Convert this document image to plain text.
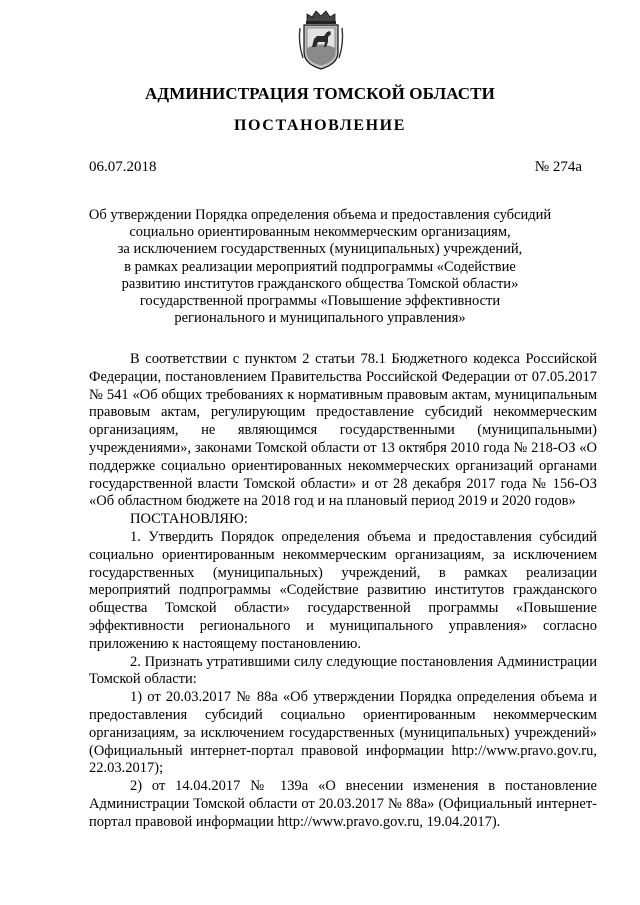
АДМИНИСТРАЦИЯ ТОМСКОЙ ОБЛАСТИ
ПОСТАНОВЛЕНИЕ
06.07.2018	№ 274а
Об утверждении Порядка определения объема и предоставления субсидий
социально ориентированным некоммерческим организациям,
за исключением государственных (муниципальных) учреждений,
в рамках реализации мероприятий подпрограммы «Содействие
развитию институтов гражданского общества Томской области»
государственной программы «Повышение эффективности
регионального и муниципального управления»

В соответствии с пунктом 2 статьи 78.1 Бюджетного кодекса Российской Федерации, постановлением Правительства Российской Федерации от 07.05.2017 № 541 «Об общих требованиях к нормативным правовым актам, муниципальным правовым актам, регулирующим предоставление субсидий некоммерческим организациям, не являющимся государственными (муниципальными) учреждениями», законами Томской области от 13 октября 2010 года № 218-ОЗ «О поддержке социально ориентированных некоммерческих организаций органами государственной власти Томской области» и от 28 декабря 2017 года № 156-ОЗ «Об областном бюджете на 2018 год и на плановый период 2019 и 2020 годов»

ПОСТАНОВЛЯЮ:

1. Утвердить Порядок определения объема и предоставления субсидий социально ориентированным некоммерческим организациям, за исключением государственных (муниципальных) учреждений, в рамках реализации мероприятий подпрограммы «Содействие развитию институтов гражданского общества Томской области» государственной программы «Повышение эффективности регионального и муниципального управления» согласно приложению к настоящему постановлению.

2. Признать утратившими силу следующие постановления Администрации Томской области:

1) от 20.03.2017 № 88а «Об утверждении Порядка определения объема и предоставления субсидий социально ориентированным некоммерческим организациям, за исключением государственных (муниципальных) учреждений» (Официальный интернет-портал правовой информации http://www.pravo.gov.ru, 22.03.2017);

2) от 14.04.2017 № 139а «О внесении изменения в постановление Администрации Томской области от 20.03.2017 № 88а» (Официальный интернет-портал правовой информации http://www.pravo.gov.ru, 19.04.2017).
